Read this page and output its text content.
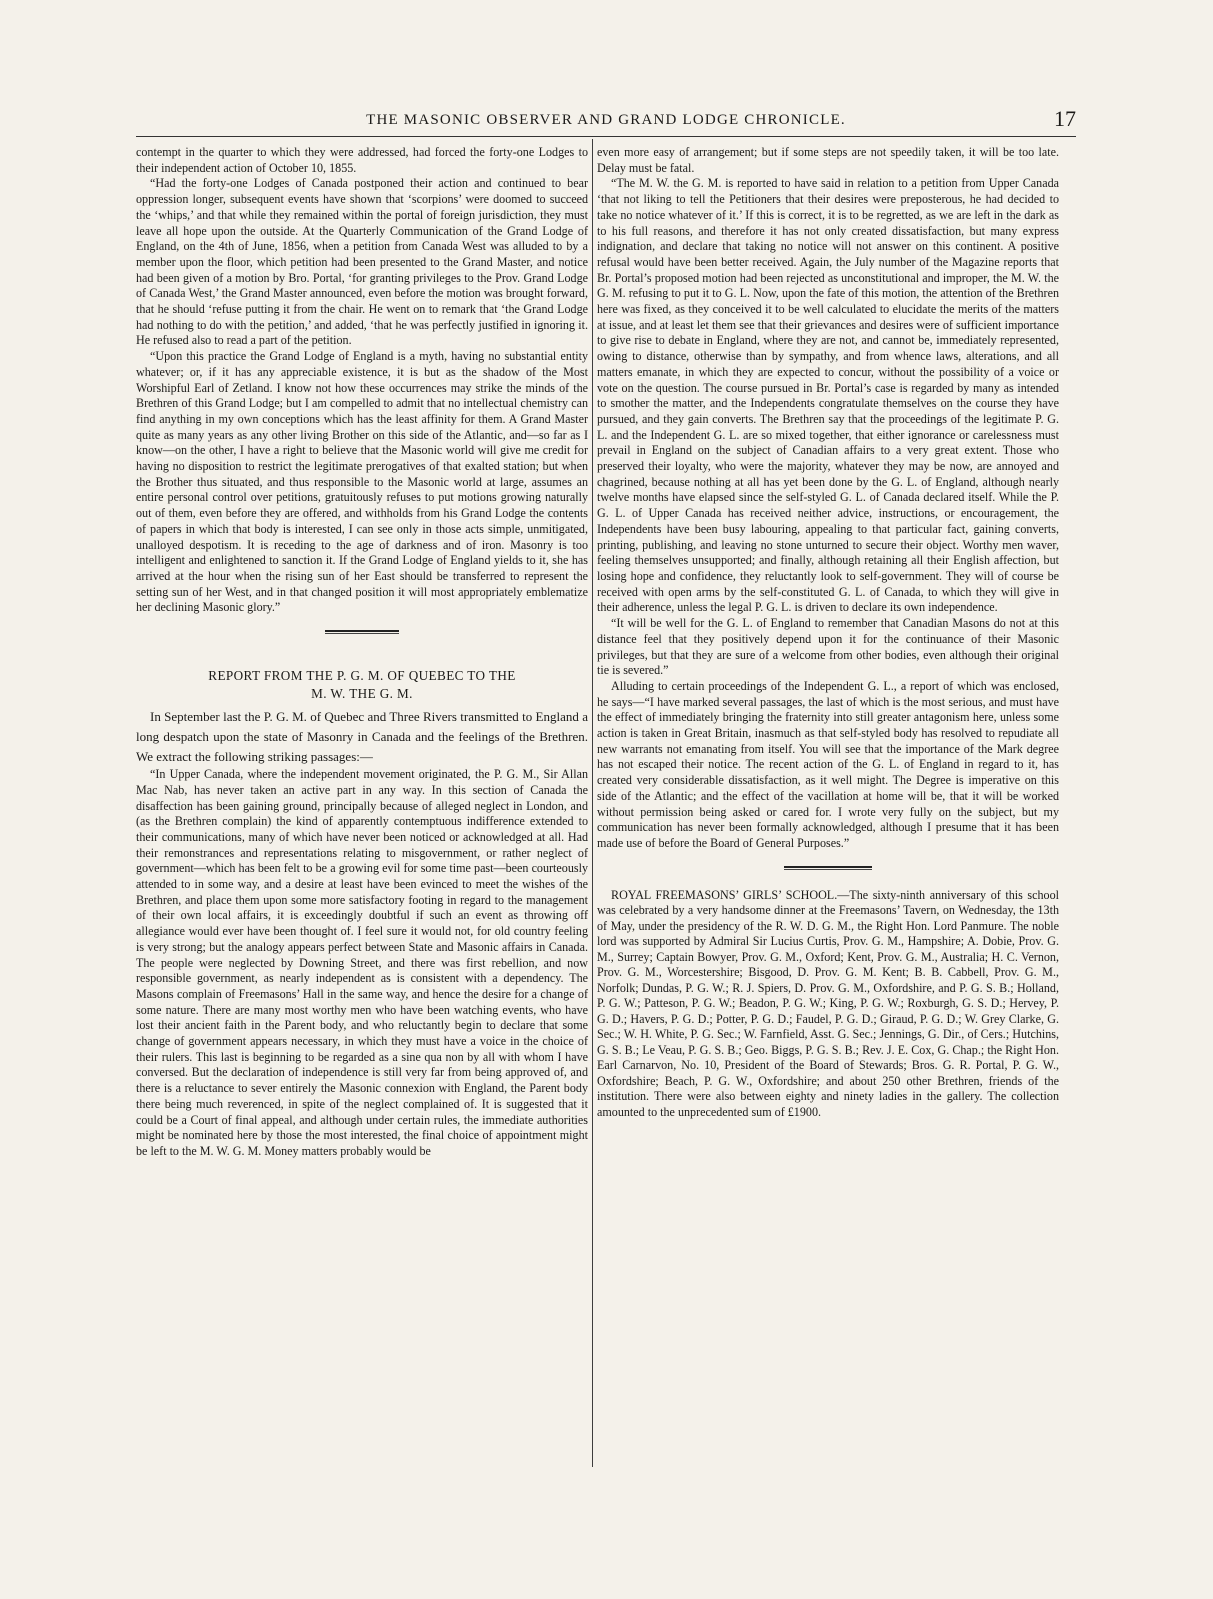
THE MASONIC OBSERVER AND GRAND LODGE CHRONICLE.	17

contempt in the quarter to which they were addressed, had forced the forty-one Lodges to their independent action of October 10, 1855.

“Had the forty-one Lodges of Canada postponed their action and continued to bear oppression longer, subsequent events have shown that ‘scorpions’ were doomed to succeed the ‘whips,’ and that while they remained within the portal of foreign jurisdiction, they must leave all hope upon the outside. At the Quarterly Communication of the Grand Lodge of England, on the 4th of June, 1856, when a petition from Canada West was alluded to by a member upon the floor, which petition had been presented to the Grand Master, and notice had been given of a motion by Bro. Portal, ‘for granting privileges to the Prov. Grand Lodge of Canada West,’ the Grand Master announced, even before the motion was brought forward, that he should ‘refuse putting it from the chair. He went on to remark that ‘the Grand Lodge had nothing to do with the petition,’ and added, ‘that he was perfectly justified in ignoring it. He refused also to read a part of the petition.

“Upon this practice the Grand Lodge of England is a myth, having no substantial entity whatever; or, if it has any appreciable existence, it is but as the shadow of the Most Worshipful Earl of Zetland. I know not how these occurrences may strike the minds of the Brethren of this Grand Lodge; but I am compelled to admit that no intellectual chemistry can find anything in my own conceptions which has the least affinity for them. A Grand Master quite as many years as any other living Brother on this side of the Atlantic, and—so far as I know—on the other, I have a right to believe that the Masonic world will give me credit for having no disposition to restrict the legitimate prerogatives of that exalted station; but when the Brother thus situated, and thus responsible to the Masonic world at large, assumes an entire personal control over petitions, gratuitously refuses to put motions growing naturally out of them, even before they are offered, and withholds from his Grand Lodge the contents of papers in which that body is interested, I can see only in those acts simple, unmitigated, unalloyed despotism. It is receding to the age of darkness and of iron. Masonry is too intelligent and enlightened to sanction it. If the Grand Lodge of England yields to it, she has arrived at the hour when the rising sun of her East should be transferred to represent the setting sun of her West, and in that changed position it will most appropriately emblematize her declining Masonic glory.”

REPORT FROM THE P. G. M. OF QUEBEC TO THE
M. W. THE G. M.

In September last the P. G. M. of Quebec and Three Rivers transmitted to England a long despatch upon the state of Masonry in Canada and the feelings of the Brethren. We extract the following striking passages:—

“In Upper Canada, where the independent movement originated, the P. G. M., Sir Allan Mac Nab, has never taken an active part in any way. In this section of Canada the disaffection has been gaining ground, principally because of alleged neglect in London, and (as the Brethren complain) the kind of apparently contemptuous indifference extended to their communications, many of which have never been noticed or acknowledged at all. Had their remonstrances and representations relating to misgovernment, or rather neglect of government—which has been felt to be a growing evil for some time past—been courteously attended to in some way, and a desire at least have been evinced to meet the wishes of the Brethren, and place them upon some more satisfactory footing in regard to the management of their own local affairs, it is exceedingly doubtful if such an event as throwing off allegiance would ever have been thought of. I feel sure it would not, for old country feeling is very strong; but the analogy appears perfect between State and Masonic affairs in Canada. The people were neglected by Downing Street, and there was first rebellion, and now responsible government, as nearly independent as is consistent with a dependency. The Masons complain of Freemasons’ Hall in the same way, and hence the desire for a change of some nature. There are many most worthy men who have been watching events, who have lost their ancient faith in the Parent body, and who reluctantly begin to declare that some change of government appears necessary, in which they must have a voice in the choice of their rulers. This last is beginning to be regarded as a sine qua non by all with whom I have conversed. But the declaration of independence is still very far from being approved of, and there is a reluctance to sever entirely the Masonic connexion with England, the Parent body there being much reverenced, in spite of the neglect complained of. It is suggested that it could be a Court of final appeal, and although under certain rules, the immediate authorities might be nominated here by those the most interested, the final choice of appointment might be left to the M. W. G. M. Money matters probably would be

even more easy of arrangement; but if some steps are not speedily taken, it will be too late. Delay must be fatal.

“The M. W. the G. M. is reported to have said in relation to a petition from Upper Canada ‘that not liking to tell the Petitioners that their desires were preposterous, he had decided to take no notice whatever of it.’ If this is correct, it is to be regretted, as we are left in the dark as to his full reasons, and therefore it has not only created dissatisfaction, but many express indignation, and declare that taking no notice will not answer on this continent. A positive refusal would have been better received. Again, the July number of the Magazine reports that Br. Portal’s proposed motion had been rejected as unconstitutional and improper, the M. W. the G. M. refusing to put it to G. L. Now, upon the fate of this motion, the attention of the Brethren here was fixed, as they conceived it to be well calculated to elucidate the merits of the matters at issue, and at least let them see that their grievances and desires were of sufficient importance to give rise to debate in England, where they are not, and cannot be, immediately represented, owing to distance, otherwise than by sympathy, and from whence laws, alterations, and all matters emanate, in which they are expected to concur, without the possibility of a voice or vote on the question. The course pursued in Br. Portal’s case is regarded by many as intended to smother the matter, and the Independents congratulate themselves on the course they have pursued, and they gain converts. The Brethren say that the proceedings of the legitimate P. G. L. and the Independent G. L. are so mixed together, that either ignorance or carelessness must prevail in England on the subject of Canadian affairs to a very great extent. Those who preserved their loyalty, who were the majority, whatever they may be now, are annoyed and chagrined, because nothing at all has yet been done by the G. L. of England, although nearly twelve months have elapsed since the self-styled G. L. of Canada declared itself. While the P. G. L. of Upper Canada has received neither advice, instructions, or encouragement, the Independents have been busy labouring, appealing to that particular fact, gaining converts, printing, publishing, and leaving no stone unturned to secure their object. Worthy men waver, feeling themselves unsupported; and finally, although retaining all their English affection, but losing hope and confidence, they reluctantly look to self-government. They will of course be received with open arms by the self-constituted G. L. of Canada, to which they will give in their adherence, unless the legal P. G. L. is driven to declare its own independence.

“It will be well for the G. L. of England to remember that Canadian Masons do not at this distance feel that they positively depend upon it for the continuance of their Masonic privileges, but that they are sure of a welcome from other bodies, even although their original tie is severed.”

Alluding to certain proceedings of the Independent G. L., a report of which was enclosed, he says—“I have marked several passages, the last of which is the most serious, and must have the effect of immediately bringing the fraternity into still greater antagonism here, unless some action is taken in Great Britain, inasmuch as that self-styled body has resolved to repudiate all new warrants not emanating from itself. You will see that the importance of the Mark degree has not escaped their notice. The recent action of the G. L. of England in regard to it, has created very considerable dissatisfaction, as it well might. The Degree is imperative on this side of the Atlantic; and the effect of the vacillation at home will be, that it will be worked without permission being asked or cared for. I wrote very fully on the subject, but my communication has never been formally acknowledged, although I presume that it has been made use of before the Board of General Purposes.”

ROYAL FREEMASONS’ GIRLS’ SCHOOL.—The sixty-ninth anniversary of this school was celebrated by a very handsome dinner at the Freemasons’ Tavern, on Wednesday, the 13th of May, under the presidency of the R. W. D. G. M., the Right Hon. Lord Panmure. The noble lord was supported by Admiral Sir Lucius Curtis, Prov. G. M., Hampshire; A. Dobie, Prov. G. M., Surrey; Captain Bowyer, Prov. G. M., Oxford; Kent, Prov. G. M., Australia; H. C. Vernon, Prov. G. M., Worcestershire; Bisgood, D. Prov. G. M. Kent; B. B. Cabbell, Prov. G. M., Norfolk; Dundas, P. G. W.; R. J. Spiers, D. Prov. G. M., Oxfordshire, and P. G. S. B.; Holland, P. G. W.; Patteson, P. G. W.; Beadon, P. G. W.; King, P. G. W.; Roxburgh, G. S. D.; Hervey, P. G. D.; Havers, P. G. D.; Potter, P. G. D.; Faudel, P. G. D.; Giraud, P. G. D.; W. Grey Clarke, G. Sec.; W. H. White, P. G. Sec.; W. Farnfield, Asst. G. Sec.; Jennings, G. Dir., of Cers.; Hutchins, G. S. B.; Le Veau, P. G. S. B.; Geo. Biggs, P. G. S. B.; Rev. J. E. Cox, G. Chap.; the Right Hon. Earl Carnarvon, No. 10, President of the Board of Stewards; Bros. G. R. Portal, P. G. W., Oxfordshire; Beach, P. G. W., Oxfordshire; and about 250 other Brethren, friends of the institution. There were also between eighty and ninety ladies in the gallery. The collection amounted to the unprecedented sum of £1900.
